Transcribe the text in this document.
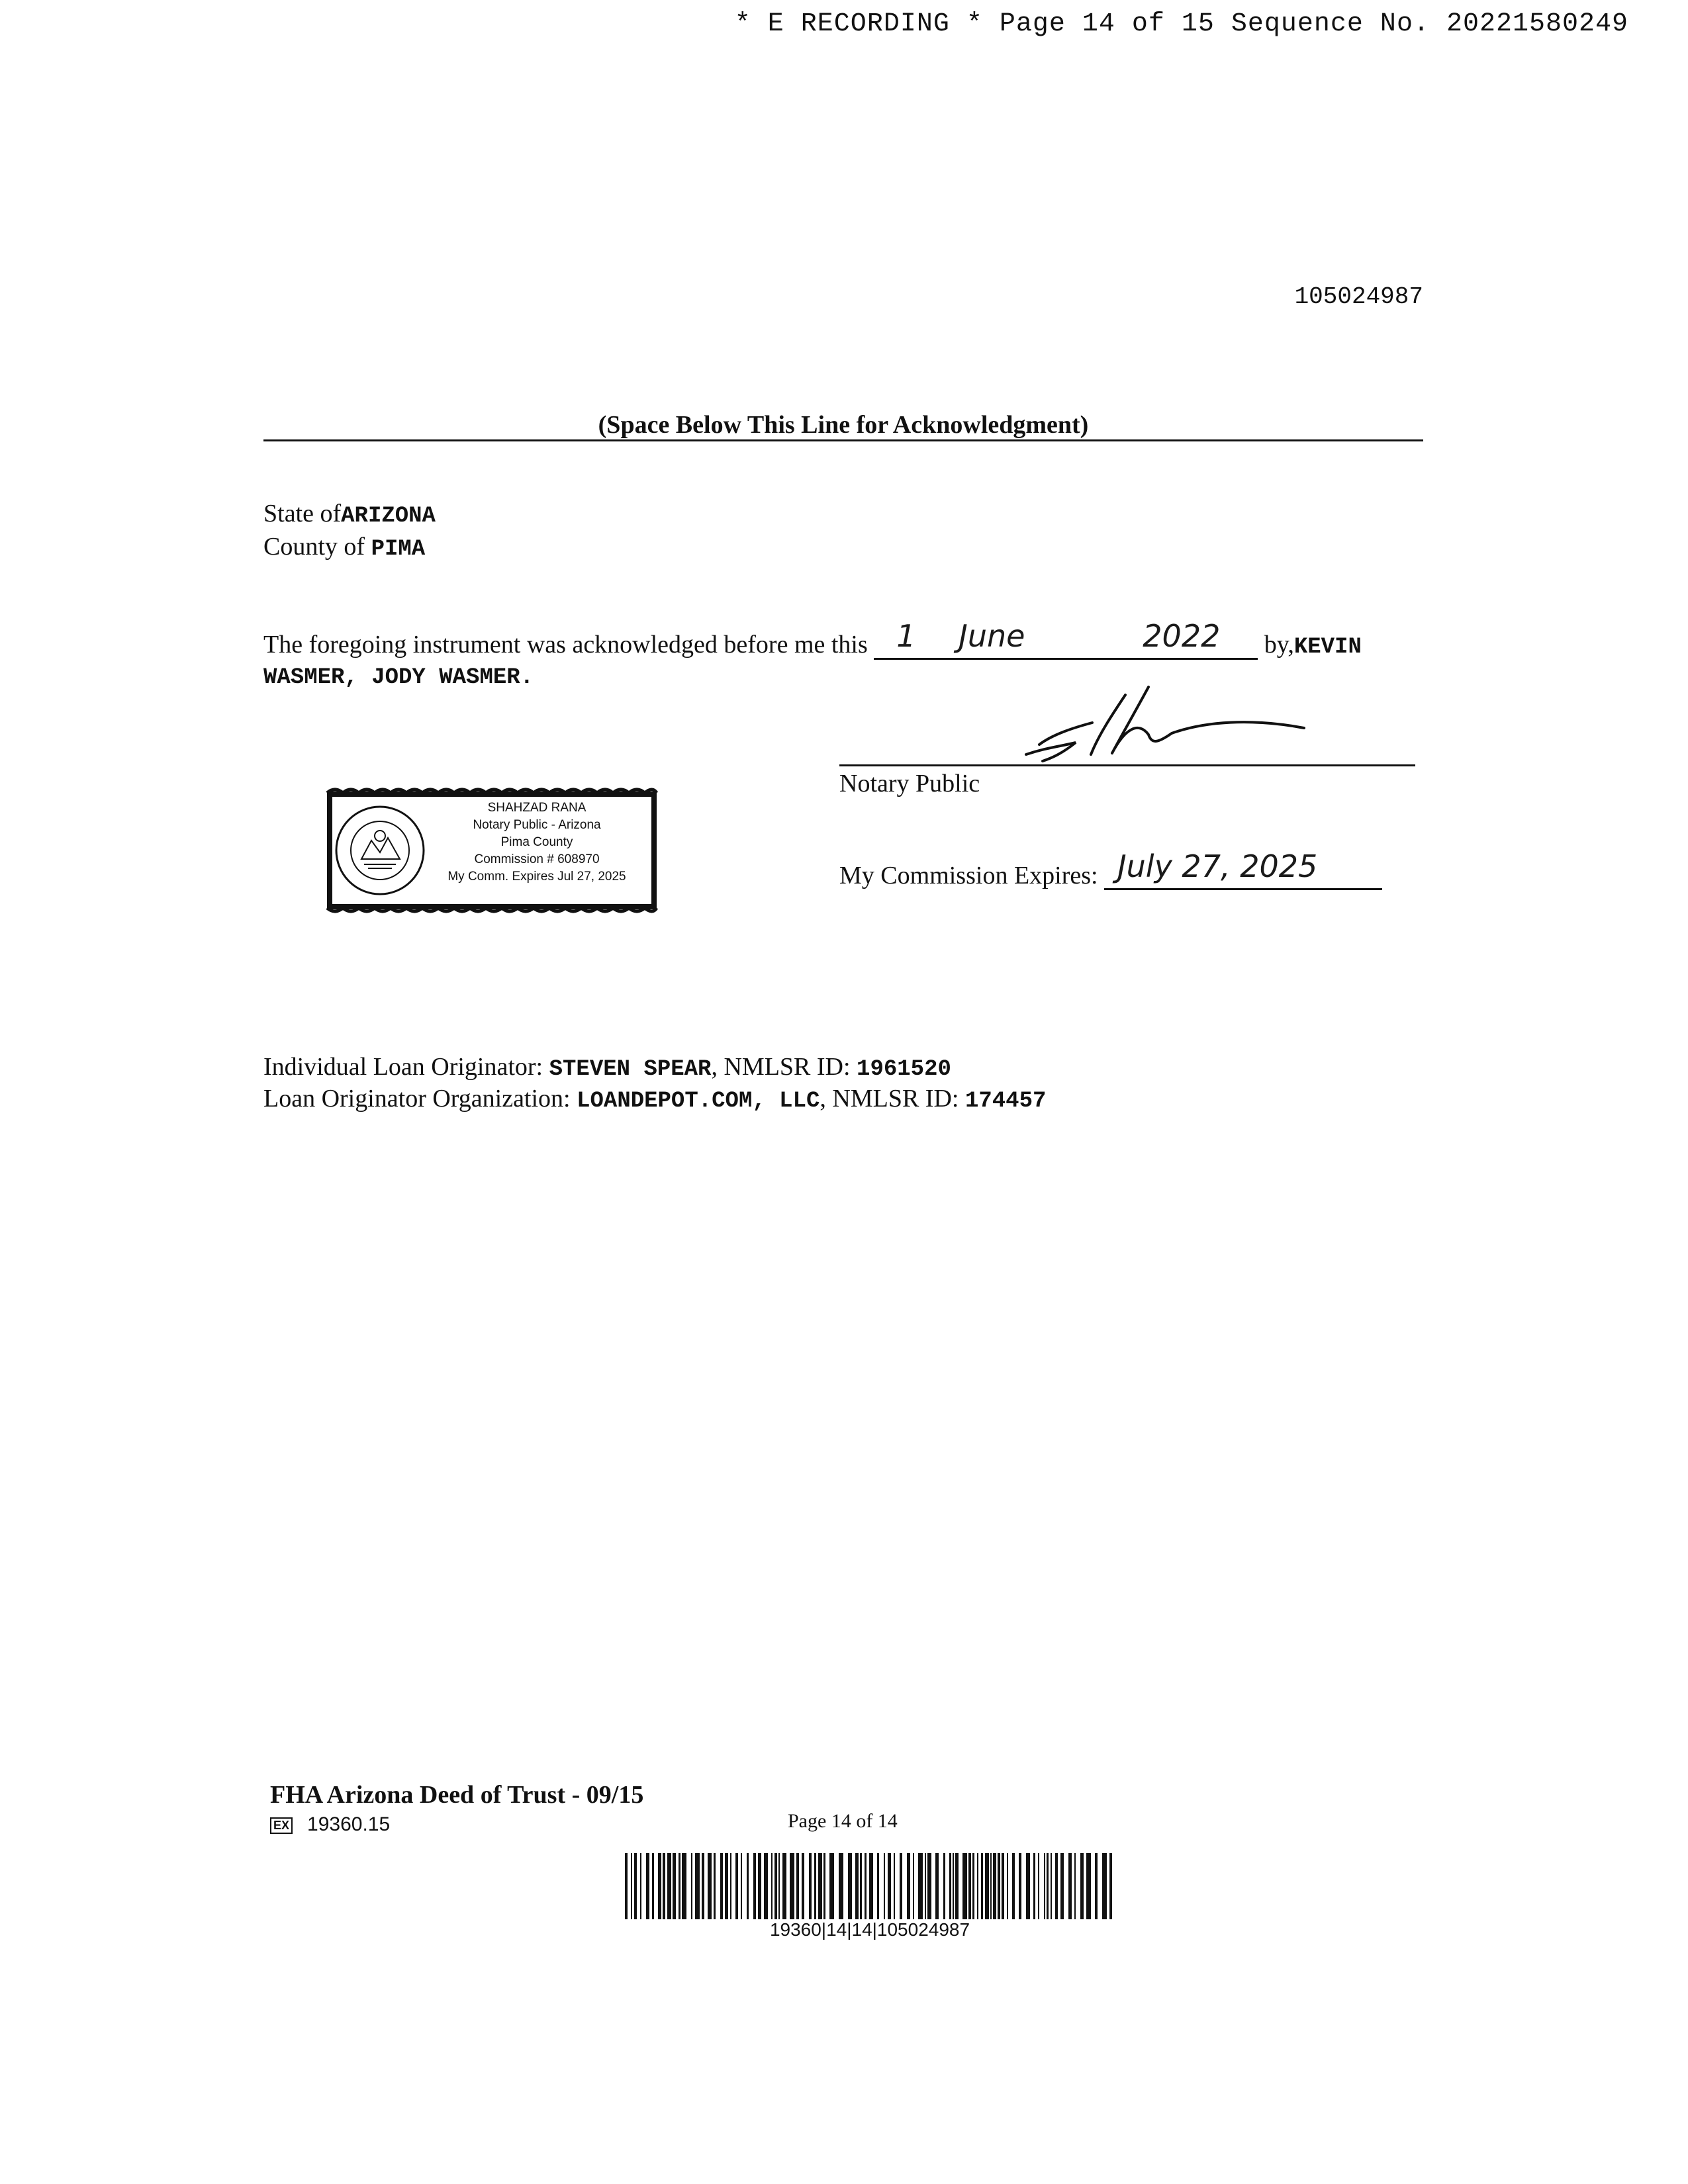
* E RECORDING * Page 14 of 15 Sequence No. 20221580249
105024987
(Space Below This Line for Acknowledgment)
State ofARIZONA
County of PIMA
The foregoing instrument was acknowledged before me this 1 June	2022 by,KEVIN
WASMER, JODY WASMER.
Notary Public
My Commission Expires: July 27, 2025
SHAHZAD RANA
Notary Public - Arizona
Pima County
Commission # 608970
My Comm. Expires Jul 27, 2025
Individual Loan Originator: STEVEN SPEAR, NMLSR ID: 1961520
Loan Originator Organization: LOANDEPOT.COM, LLC, NMLSR ID: 174457
FHA Arizona Deed of Trust - 09/15
EX 19360.15	Page 14 of 14
19360|14|14|105024987
